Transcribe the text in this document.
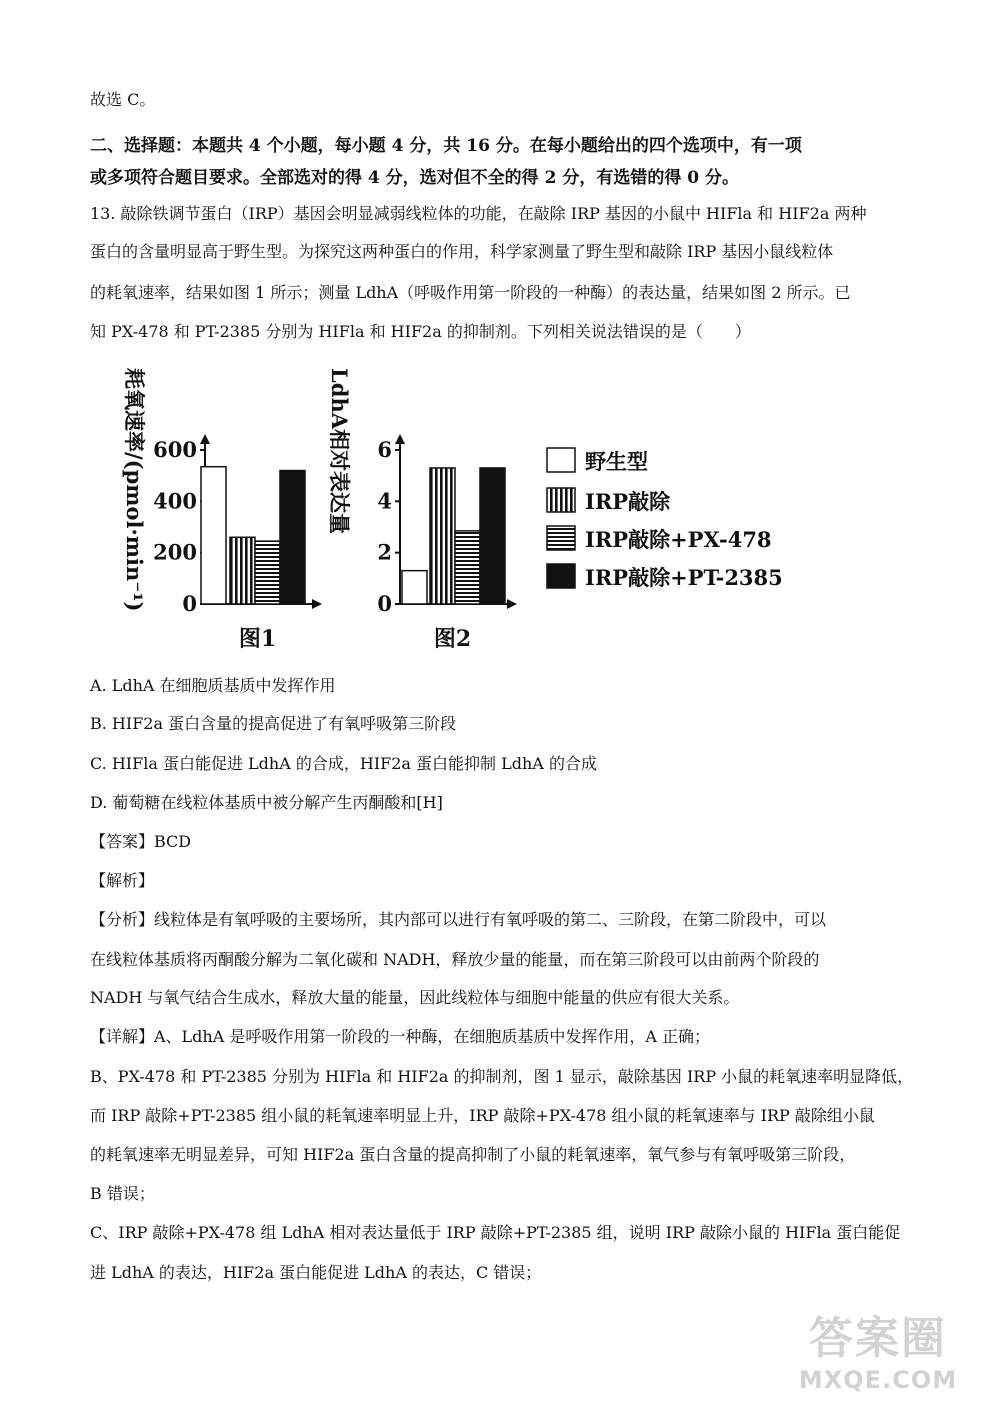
故选 C。
二、选择题：本题共 4 个小题，每小题 4 分，共 16 分。在每小题给出的四个选项中，有一项
或多项符合题目要求。全部选对的得 4 分，选对但不全的得 2 分，有选错的得 0 分。
13. 敲除铁调节蛋白（IRP）基因会明显减弱线粒体的功能，在敲除 IRP 基因的小鼠中 HIFla 和 HIF2a 两种
蛋白的含量明显高于野生型。为探究这两种蛋白的作用，科学家测量了野生型和敲除 IRP 基因小鼠线粒体
的耗氧速率，结果如图 1 所示；测量 LdhA（呼吸作用第一阶段的一种酶）的表达量，结果如图 2 所示。已
知 PX-478 和 PT-2385 分别为 HIFla 和 HIF2a 的抑制剂。下列相关说法错误的是（　　）
耗氧速率/(pmol·min⁻¹) 0
200
400
600
图1
LdhA相对表达量
0
2
4
6
图2
野生型
IRP敲除
IRP敲除+PX-478
IRP敲除+PT-2385
A. LdhA 在细胞质基质中发挥作用
B. HIF2a 蛋白含量的提高促进了有氧呼吸第三阶段
C. HIFla 蛋白能促进 LdhA 的合成，HIF2a 蛋白能抑制 LdhA 的合成
D. 葡萄糖在线粒体基质中被分解产生丙酮酸和[H]
【答案】BCD
【解析】
【分析】线粒体是有氧呼吸的主要场所，其内部可以进行有氧呼吸的第二、三阶段，在第二阶段中，可以
在线粒体基质将丙酮酸分解为二氧化碳和 NADH，释放少量的能量，而在第三阶段可以由前两个阶段的
NADH 与氧气结合生成水，释放大量的能量，因此线粒体与细胞中能量的供应有很大关系。
【详解】A、LdhA 是呼吸作用第一阶段的一种酶，在细胞质基质中发挥作用，A 正确；
B、PX-478 和 PT-2385 分别为 HIFla 和 HIF2a 的抑制剂，图 1 显示，敲除基因 IRP 小鼠的耗氧速率明显降低，
而 IRP 敲除+PT-2385 组小鼠的耗氧速率明显上升，IRP 敲除+PX-478 组小鼠的耗氧速率与 IRP 敲除组小鼠
的耗氧速率无明显差异，可知 HIF2a 蛋白含量的提高抑制了小鼠的耗氧速率，氧气参与有氧呼吸第三阶段，
B 错误；
C、IRP 敲除+PX-478 组 LdhA 相对表达量低于 IRP 敲除+PT-2385 组，说明 IRP 敲除小鼠的 HIFla 蛋白能促
进 LdhA 的表达，HIF2a 蛋白能促进 LdhA 的表达，C 错误；
答案圈
MXQE.COM
